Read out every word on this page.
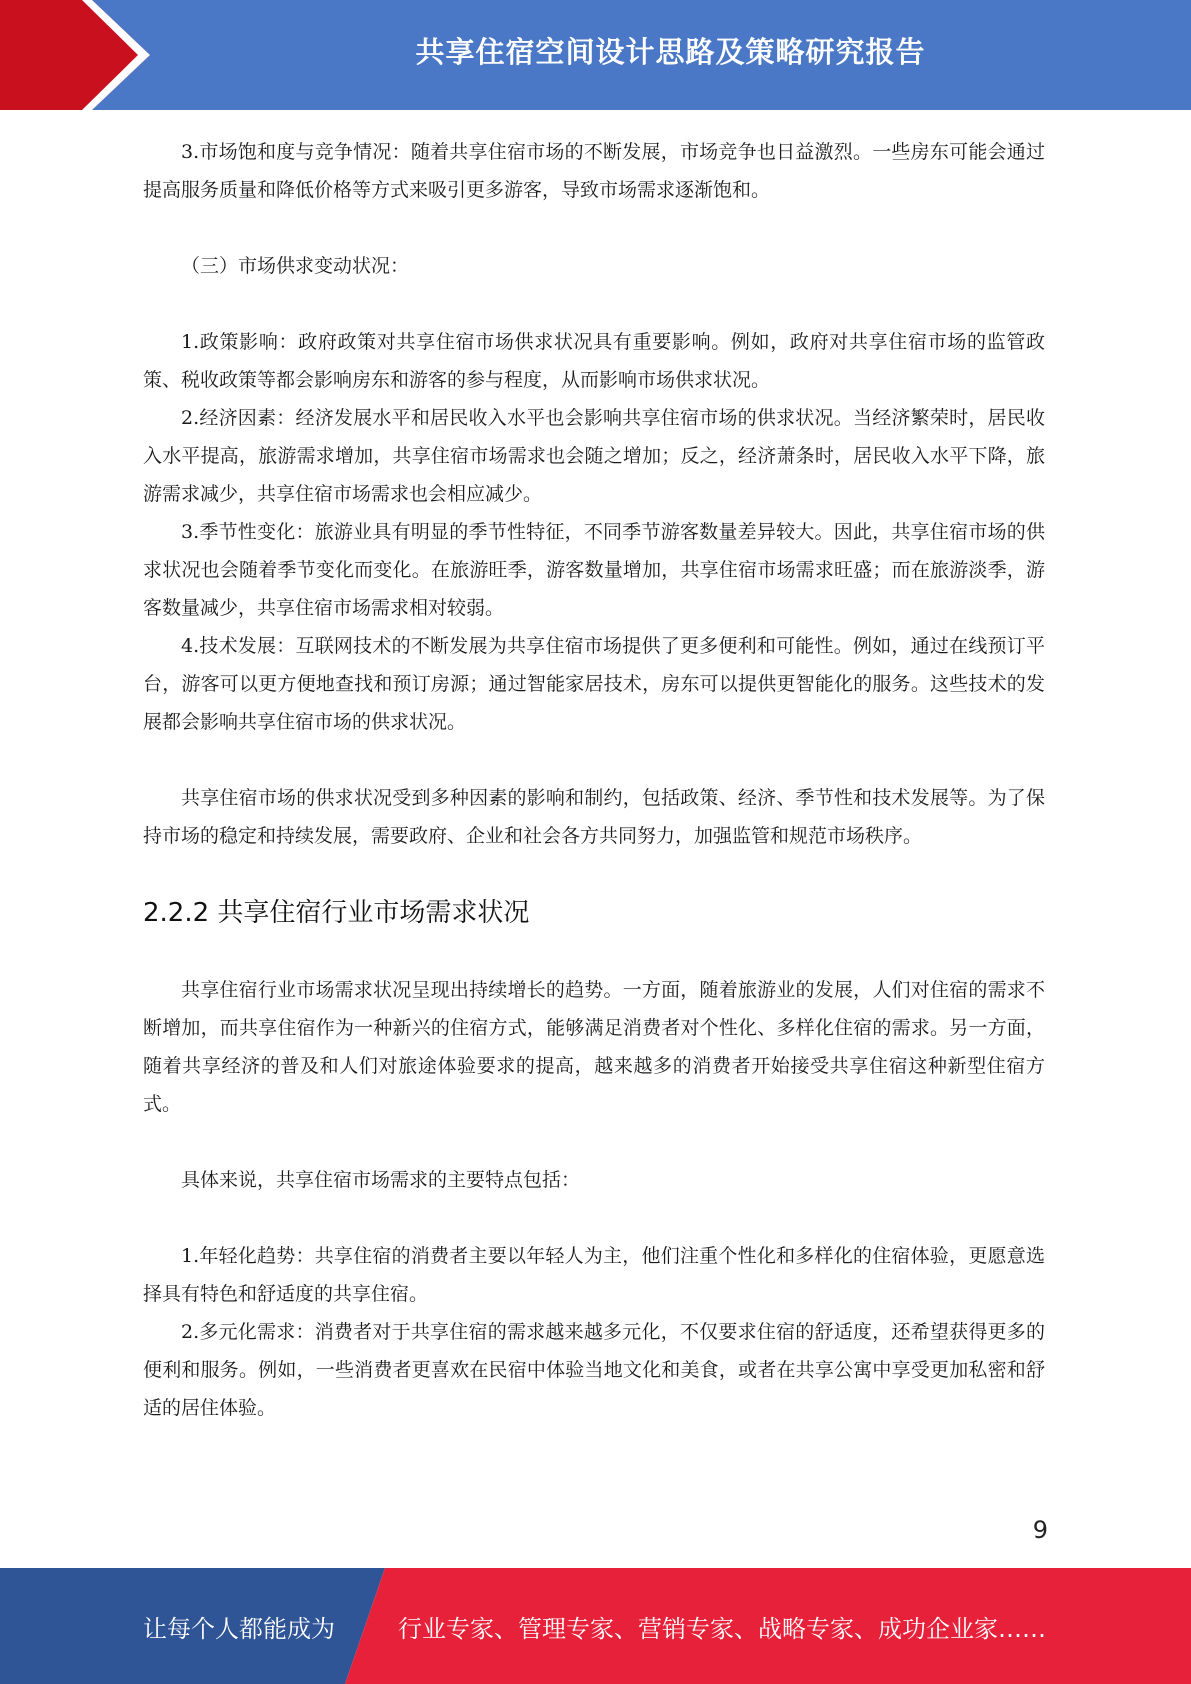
共享住宿空间设计思路及策略研究报告

3.市场饱和度与竞争情况：随着共享住宿市场的不断发展，市场竞争也日益激烈。一些房东可能会通过提高服务质量和降低价格等方式来吸引更多游客，导致市场需求逐渐饱和。

（三）市场供求变动状况：

1.政策影响：政府政策对共享住宿市场供求状况具有重要影响。例如，政府对共享住宿市场的监管政策、税收政策等都会影响房东和游客的参与程度，从而影响市场供求状况。

2.经济因素：经济发展水平和居民收入水平也会影响共享住宿市场的供求状况。当经济繁荣时，居民收入水平提高，旅游需求增加，共享住宿市场需求也会随之增加；反之，经济萧条时，居民收入水平下降，旅游需求减少，共享住宿市场需求也会相应减少。

3.季节性变化：旅游业具有明显的季节性特征，不同季节游客数量差异较大。因此，共享住宿市场的供求状况也会随着季节变化而变化。在旅游旺季，游客数量增加，共享住宿市场需求旺盛；而在旅游淡季，游客数量减少，共享住宿市场需求相对较弱。

4.技术发展：互联网技术的不断发展为共享住宿市场提供了更多便利和可能性。例如，通过在线预订平台，游客可以更方便地查找和预订房源；通过智能家居技术，房东可以提供更智能化的服务。这些技术的发展都会影响共享住宿市场的供求状况。

共享住宿市场的供求状况受到多种因素的影响和制约，包括政策、经济、季节性和技术发展等。为了保持市场的稳定和持续发展，需要政府、企业和社会各方共同努力，加强监管和规范市场秩序。

2.2.2 共享住宿行业市场需求状况

共享住宿行业市场需求状况呈现出持续增长的趋势。一方面，随着旅游业的发展，人们对住宿的需求不断增加，而共享住宿作为一种新兴的住宿方式，能够满足消费者对个性化、多样化住宿的需求。另一方面，随着共享经济的普及和人们对旅途体验要求的提高，越来越多的消费者开始接受共享住宿这种新型住宿方式。

具体来说，共享住宿市场需求的主要特点包括：

1.年轻化趋势：共享住宿的消费者主要以年轻人为主，他们注重个性化和多样化的住宿体验，更愿意选择具有特色和舒适度的共享住宿。

2.多元化需求：消费者对于共享住宿的需求越来越多元化，不仅要求住宿的舒适度，还希望获得更多的便利和服务。例如，一些消费者更喜欢在民宿中体验当地文化和美食，或者在共享公寓中享受更加私密和舒适的居住体验。

9
让每个人都能成为	行业专家、管理专家、营销专家、战略专家、成功企业家……
